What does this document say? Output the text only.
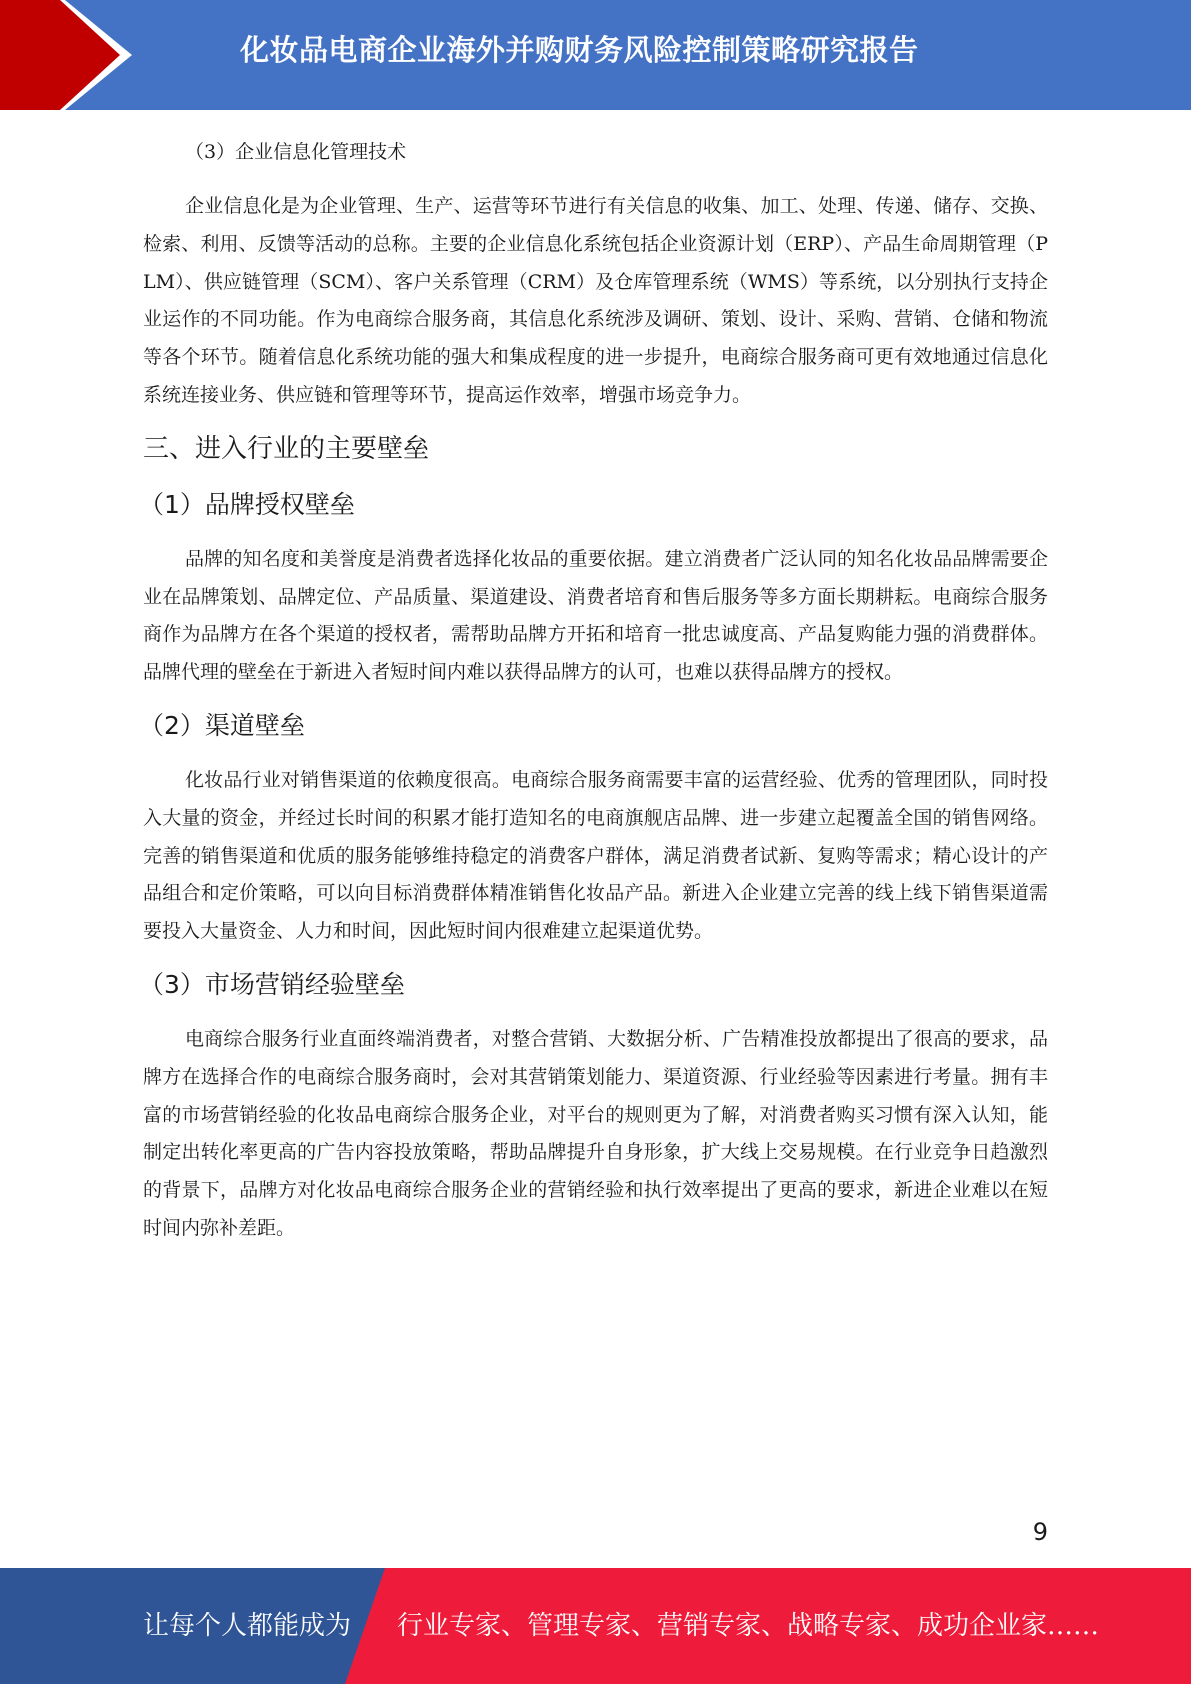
化妆品电商企业海外并购财务风险控制策略研究报告

（3）企业信息化管理技术

企业信息化是为企业管理、生产、运营等环节进行有关信息的收集、加工、处理、传递、储存、交换、检索、利用、反馈等活动的总称。主要的企业信息化系统包括企业资源计划（ERP）、产品生命周期管理（PLM）、供应链管理（SCM）、客户关系管理（CRM）及仓库管理系统（WMS）等系统，以分别执行支持企业运作的不同功能。作为电商综合服务商，其信息化系统涉及调研、策划、设计、采购、营销、仓储和物流等各个环节。随着信息化系统功能的强大和集成程度的进一步提升，电商综合服务商可更有效地通过信息化系统连接业务、供应链和管理等环节，提高运作效率，增强市场竞争力。

三、进入行业的主要壁垒
（1）品牌授权壁垒

品牌的知名度和美誉度是消费者选择化妆品的重要依据。建立消费者广泛认同的知名化妆品品牌需要企业在品牌策划、品牌定位、产品质量、渠道建设、消费者培育和售后服务等多方面长期耕耘。电商综合服务商作为品牌方在各个渠道的授权者，需帮助品牌方开拓和培育一批忠诚度高、产品复购能力强的消费群体。品牌代理的壁垒在于新进入者短时间内难以获得品牌方的认可，也难以获得品牌方的授权。

（2）渠道壁垒

化妆品行业对销售渠道的依赖度很高。电商综合服务商需要丰富的运营经验、优秀的管理团队，同时投入大量的资金，并经过长时间的积累才能打造知名的电商旗舰店品牌、进一步建立起覆盖全国的销售网络。完善的销售渠道和优质的服务能够维持稳定的消费客户群体，满足消费者试新、复购等需求；精心设计的产品组合和定价策略，可以向目标消费群体精准销售化妆品产品。新进入企业建立完善的线上线下销售渠道需要投入大量资金、人力和时间，因此短时间内很难建立起渠道优势。

（3）市场营销经验壁垒

电商综合服务行业直面终端消费者，对整合营销、大数据分析、广告精准投放都提出了很高的要求，品牌方在选择合作的电商综合服务商时，会对其营销策划能力、渠道资源、行业经验等因素进行考量。拥有丰富的市场营销经验的化妆品电商综合服务企业，对平台的规则更为了解，对消费者购买习惯有深入认知，能制定出转化率更高的广告内容投放策略，帮助品牌提升自身形象，扩大线上交易规模。在行业竞争日趋激烈的背景下，品牌方对化妆品电商综合服务企业的营销经验和执行效率提出了更高的要求，新进企业难以在短时间内弥补差距。

9
让每个人都能成为 行业专家、管理专家、营销专家、战略专家、成功企业家……
